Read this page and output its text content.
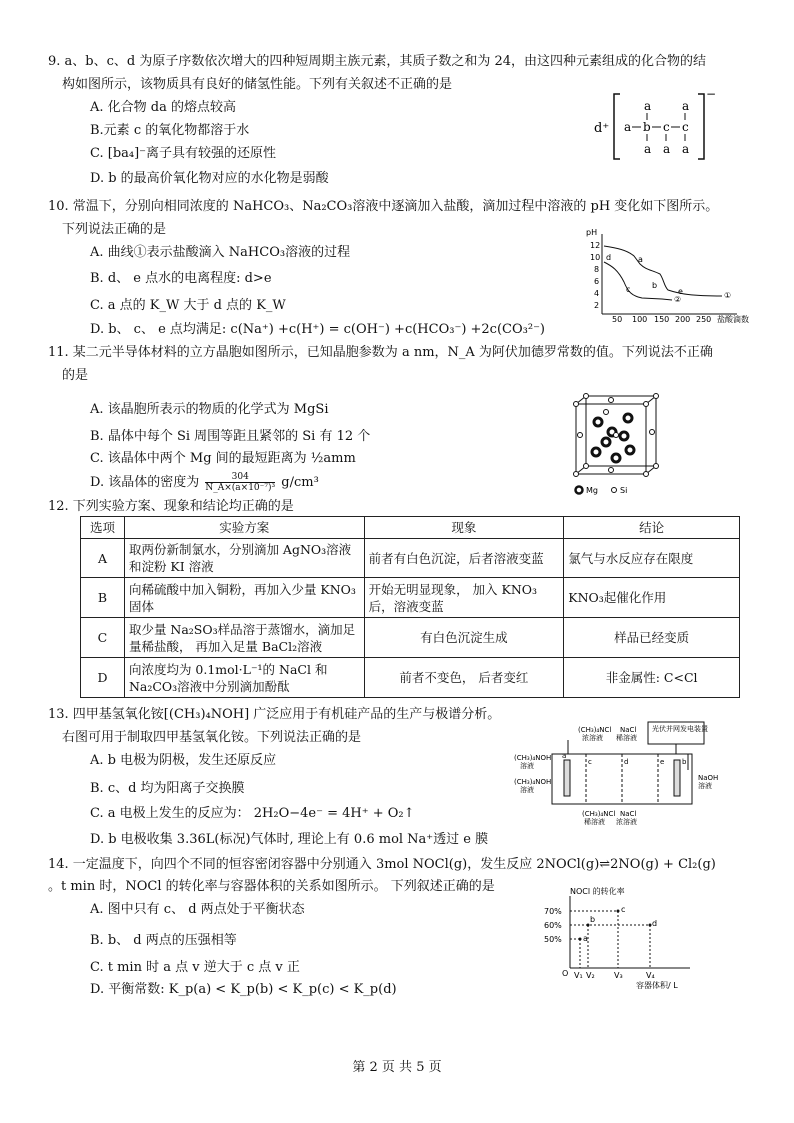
9. a、b、c、d 为原子序数依次增大的四种短周期主族元素，其质子数之和为 24，由这四种元素组成的化合物的结
构如图所示，该物质具有良好的储氢性能。下列有关叙述不正确的是
A. 化合物 da 的熔点较高
B.元素 c 的氧化物都溶于水
C. [ba₄]⁻离子具有较强的还原性
D. b 的最高价氧化物对应的水化物是弱酸
d⁺
−
a	a
a b c c
a a a
10. 常温下，分别向相同浓度的 NaHCO₃、Na₂CO₃溶液中逐滴加入盐酸，滴加过程中溶液的 pH 变化如下图所示。
下列说法正确的是
A. 曲线①表示盐酸滴入 NaHCO₃溶液的过程
B. d、 e 点水的电离程度: d>e
C. a 点的 K_W 大于 d 点的 K_W
D. b、 c、 e 点均满足: c(Na⁺) +c(H⁺) = c(OH⁻) +c(HCO₃⁻) +2c(CO₃²⁻)
pH
12
10
8
6
4
2
50 100 150 200 250 盐酸滴数
a
b
c
d
e	①
②
11. 某二元半导体材料的立方晶胞如图所示，已知晶胞参数为 a nm，N_A 为阿伏加德罗常数的值。下列说法不正确
的是
A. 该晶胞所表示的物质的化学式为 MgSi
B. 晶体中每个 Si 周围等距且紧邻的 Si 有 12 个
C. 该晶体中两个 Mg 间的最短距离为 ½amm
D. 该晶体的密度为 $\frac{304}{\text{N\_A×(a×10⁻⁷)³}} g/cm^3$
Mg	Si
12. 下列实验方案、现象和结论均正确的是
选项	实验方案	现象	结论
A	取两份新制氯水，分别滴加 AgNO₃溶液和淀粉 KI 溶液	前者有白色沉淀，后者溶液变蓝	氯气与水反应存在限度
B	向稀硫酸中加入铜粉，再加入少量 KNO₃固体	开始无明显现象， 加入 KNO₃后，溶液变蓝	KNO₃起催化作用
C	取少量 Na₂SO₃样品溶于蒸馏水，滴加足量稀盐酸， 再加入足量 BaCl₂溶液	有白色沉淀生成	样品已经变质
D	向浓度均为 0.1mol·L⁻¹的 NaCl 和 Na₂CO₃溶液中分别滴加酚酞	前者不变色， 后者变红	非金属性: C<Cl
13. 四甲基氢氧化铵[(CH₃)₄NOH] 广泛应用于有机硅产品的生产与极谱分析。
右图可用于制取四甲基氢氧化铵。下列说法正确的是
A. b 电极为阴极，发生还原反应
B. c、d 均为阳离子交换膜
C. a 电极上发生的反应为： 2H₂O−4e⁻ = 4H⁺ + O₂↑
D. b 电极收集 3.36L(标况)气体时, 理论上有 0.6 mol Na⁺透过 e 膜
光伏并网发电装置
(CH₃)₄NCl
浓溶液
NaCl
稀溶液
a
c	d	e	b
(CH₃)₄NOH
溶液
(CH₃)₄NOH
溶液
NaOH
溶液
(CH₃)₄NCl
稀溶液
NaCl
浓溶液
14. 一定温度下，向四个不同的恒容密闭容器中分别通入 3mol NOCl(g)，发生反应 2NOCl(g)⇌2NO(g) + Cl₂(g)
。t min 时，NOCl 的转化率与容器体积的关系如图所示。 下列叙述正确的是
A. 图中只有 c、 d 两点处于平衡状态
B. b、 d 两点的压强相等
C. t min 时 a 点 v 逆大于 c 点 v 正
D. 平衡常数: K_p(a) < K_p(b) < K_p(c) < K_p(d)
NOCl 的转化率
70%
60%
50%
O
a
b
c
d
V₁ V₂ V₃	V₄
容器体积/ L
第 2 页 共 5 页
